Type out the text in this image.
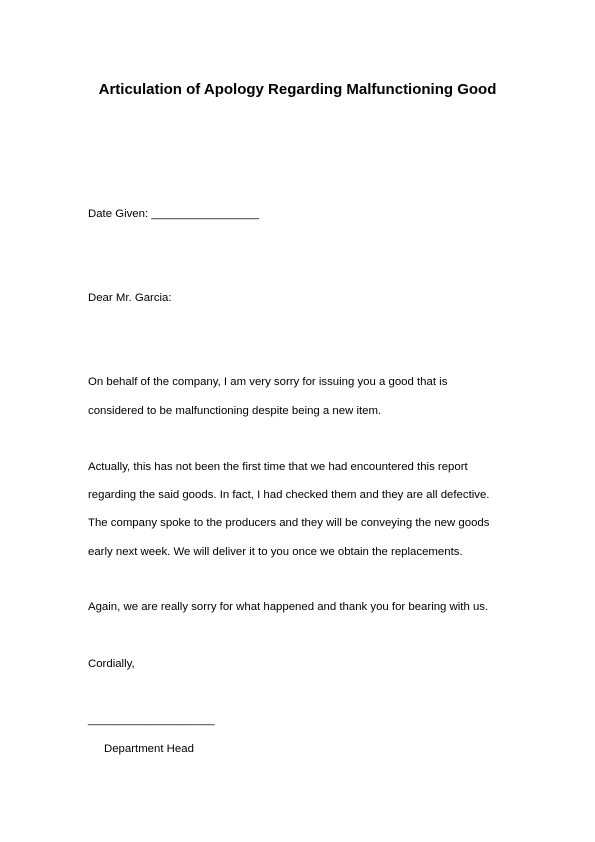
Articulation of Apology Regarding Malfunctioning Good
Date Given: _________________
Dear Mr. Garcia:
On behalf of the company, I am very sorry for issuing you a good that is
considered to be malfunctioning despite being a new item.
Actually, this has not been the first time that we had encountered this report
regarding the said goods. In fact, I had checked them and they are all defective.
The company spoke to the producers and they will be conveying the new goods
early next week. We will deliver it to you once we obtain the replacements.
Again, we are really sorry for what happened and thank you for bearing with us.
Cordially,
____________________
Department Head
